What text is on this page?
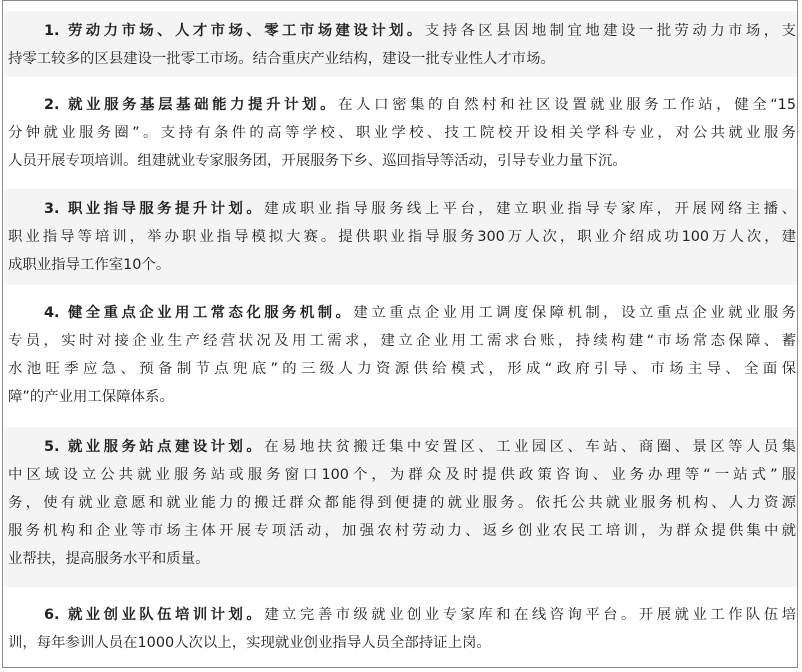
1. 劳动力市场、人才市场、零工市场建设计划。支持各区县因地制宜地建设一批劳动力市场，支
持零工较多的区县建设一批零工市场。结合重庆产业结构，建设一批专业性人才市场。
2. 就业服务基层基础能力提升计划。在人口密集的自然村和社区设置就业服务工作站，健全“15
分钟就业服务圈”。支持有条件的高等学校、职业学校、技工院校开设相关学科专业，对公共就业服务
人员开展专项培训。组建就业专家服务团，开展服务下乡、巡回指导等活动，引导专业力量下沉。
3. 职业指导服务提升计划。建成职业指导服务线上平台，建立职业指导专家库，开展网络主播、
职业指导等培训，举办职业指导模拟大赛。提供职业指导服务300万人次，职业介绍成功100万人次，建
成职业指导工作室10个。
4. 健全重点企业用工常态化服务机制。建立重点企业用工调度保障机制，设立重点企业就业服务
专员，实时对接企业生产经营状况及用工需求，建立企业用工需求台账，持续构建“市场常态保障、蓄
水池旺季应急、预备制节点兜底”的三级人力资源供给模式，形成“政府引导、市场主导、全面保
障”的产业用工保障体系。
5. 就业服务站点建设计划。在易地扶贫搬迁集中安置区、工业园区、车站、商圈、景区等人员集
中区域设立公共就业服务站或服务窗口100个，为群众及时提供政策咨询、业务办理等“一站式”服
务，使有就业意愿和就业能力的搬迁群众都能得到便捷的就业服务。依托公共就业服务机构、人力资源
服务机构和企业等市场主体开展专项活动，加强农村劳动力、返乡创业农民工培训，为群众提供集中就
业帮扶，提高服务水平和质量。
6. 就业创业队伍培训计划。建立完善市级就业创业专家库和在线咨询平台。开展就业工作队伍培
训，每年参训人员在1000人次以上，实现就业创业指导人员全部持证上岗。
